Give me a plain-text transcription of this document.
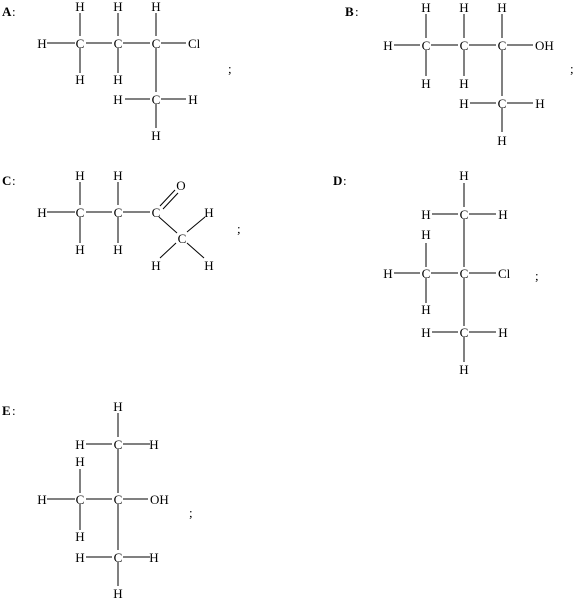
A :	H H H
H C C C Cl
H H
H C H
H
;
B :	H H H
H C C C OH
H H
H C H
H
;
C :	H H
O
H C C C	H
H H
C
H	H
;
D :	H
H C H
H
H C C Cl
H
H C H
H
;
E :	H
H C H
H
H C C OH
H
H C H
H
;
